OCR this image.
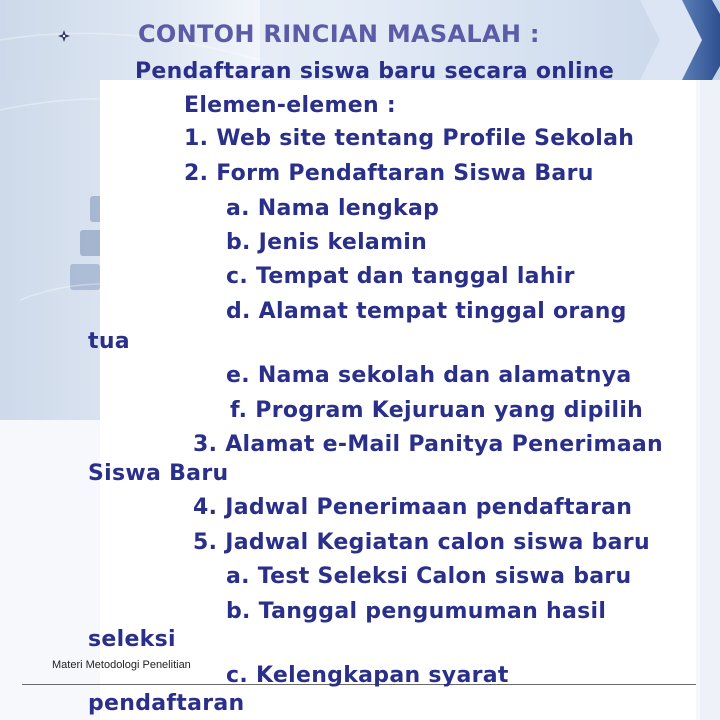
CONTOH RINCIAN MASALAH :
Pendaftaran siswa baru secara online
Elemen-elemen :
1. Web site tentang Profile Sekolah
2. Form Pendaftaran Siswa Baru
a. Nama lengkap
b. Jenis kelamin
c. Tempat dan tanggal lahir
d. Alamat tempat tinggal orang
tua
e. Nama sekolah dan alamatnya
f. Program Kejuruan yang dipilih
3. Alamat e-Mail Panitya Penerimaan
Siswa Baru
4. Jadwal Penerimaan pendaftaran
5. Jadwal Kegiatan calon siswa baru
a. Test Seleksi Calon siswa baru
b. Tanggal pengumuman hasil
seleksi
c. Kelengkapan syarat
pendaftaran
Materi Metodologi Penelitian
